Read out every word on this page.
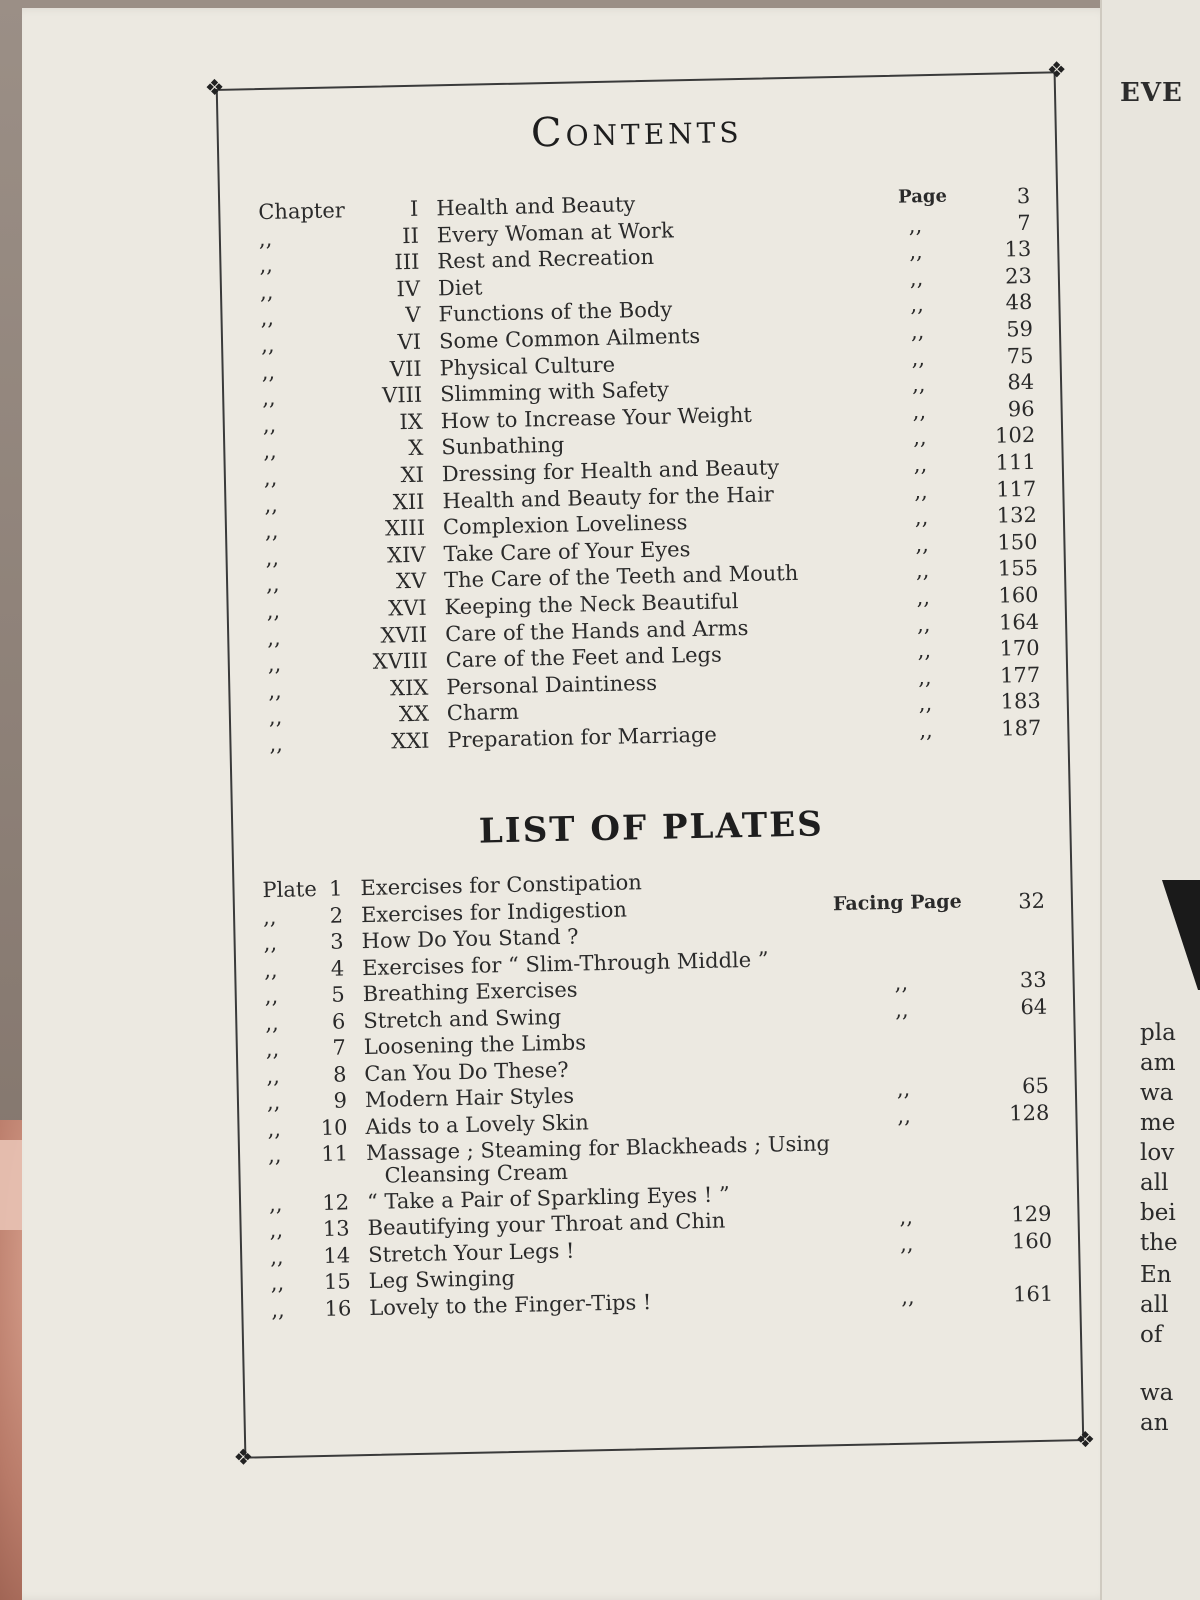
EVE
pla
am
wa
me
lov
all
bei
the
En
all
of
wa
an
❖
❖
❖
❖
Contents
Chapter	I Health and Beauty	Page	3
,,	II Every Woman at Work	,,	7
,,	III Rest and Recreation	,,	13
,,	IV Diet	,,	23
,,	V Functions of the Body	,,	48
,,	VI Some Common Ailments	,,	59
,,	VII Physical Culture	,,	75
,,	VIII Slimming with Safety	,,	84
,,	IX How to Increase Your Weight	,,	96
,,	X Sunbathing	,,	102
,,	XI Dressing for Health and Beauty	,,	111
,,	XII Health and Beauty for the Hair	,,	117
,,	XIII Complexion Loveliness	,,	132
,,	XIV Take Care of Your Eyes	,,	150
,,	XV The Care of the Teeth and Mouth	,,	155
,,	XVI Keeping the Neck Beautiful	,,	160
,,	XVII Care of the Hands and Arms	,,	164
,,	XVIII Care of the Feet and Legs	,,	170
,,	XIX Personal Daintiness	,,	177
,,	XX Charm	,,	183
,,	XXI Preparation for Marriage	,,	187
LIST OF PLATES
Plate 1 Exercises for Constipation
,,	2 Exercises for Indigestion	Facing Page	32
,,	3 How Do You Stand ?
,,	4 Exercises for “ Slim-Through Middle ”
,,	5 Breathing Exercises	,,	33
,,	6 Stretch and Swing	,,	64
,,	7 Loosening the Limbs
,,	8 Can You Do These?
,,	9 Modern Hair Styles	,,	65
,,	10 Aids to a Lovely Skin	,,	128
,,	11 Massage ; Steaming for Blackheads ; Using
Cleansing Cream
,,	12 “ Take a Pair of Sparkling Eyes ! ”
,,	13 Beautifying your Throat and Chin	,,	129
,,	14 Stretch Your Legs !	,,	160
,,	15 Leg Swinging
,,	16 Lovely to the Finger-Tips !	,,	161
